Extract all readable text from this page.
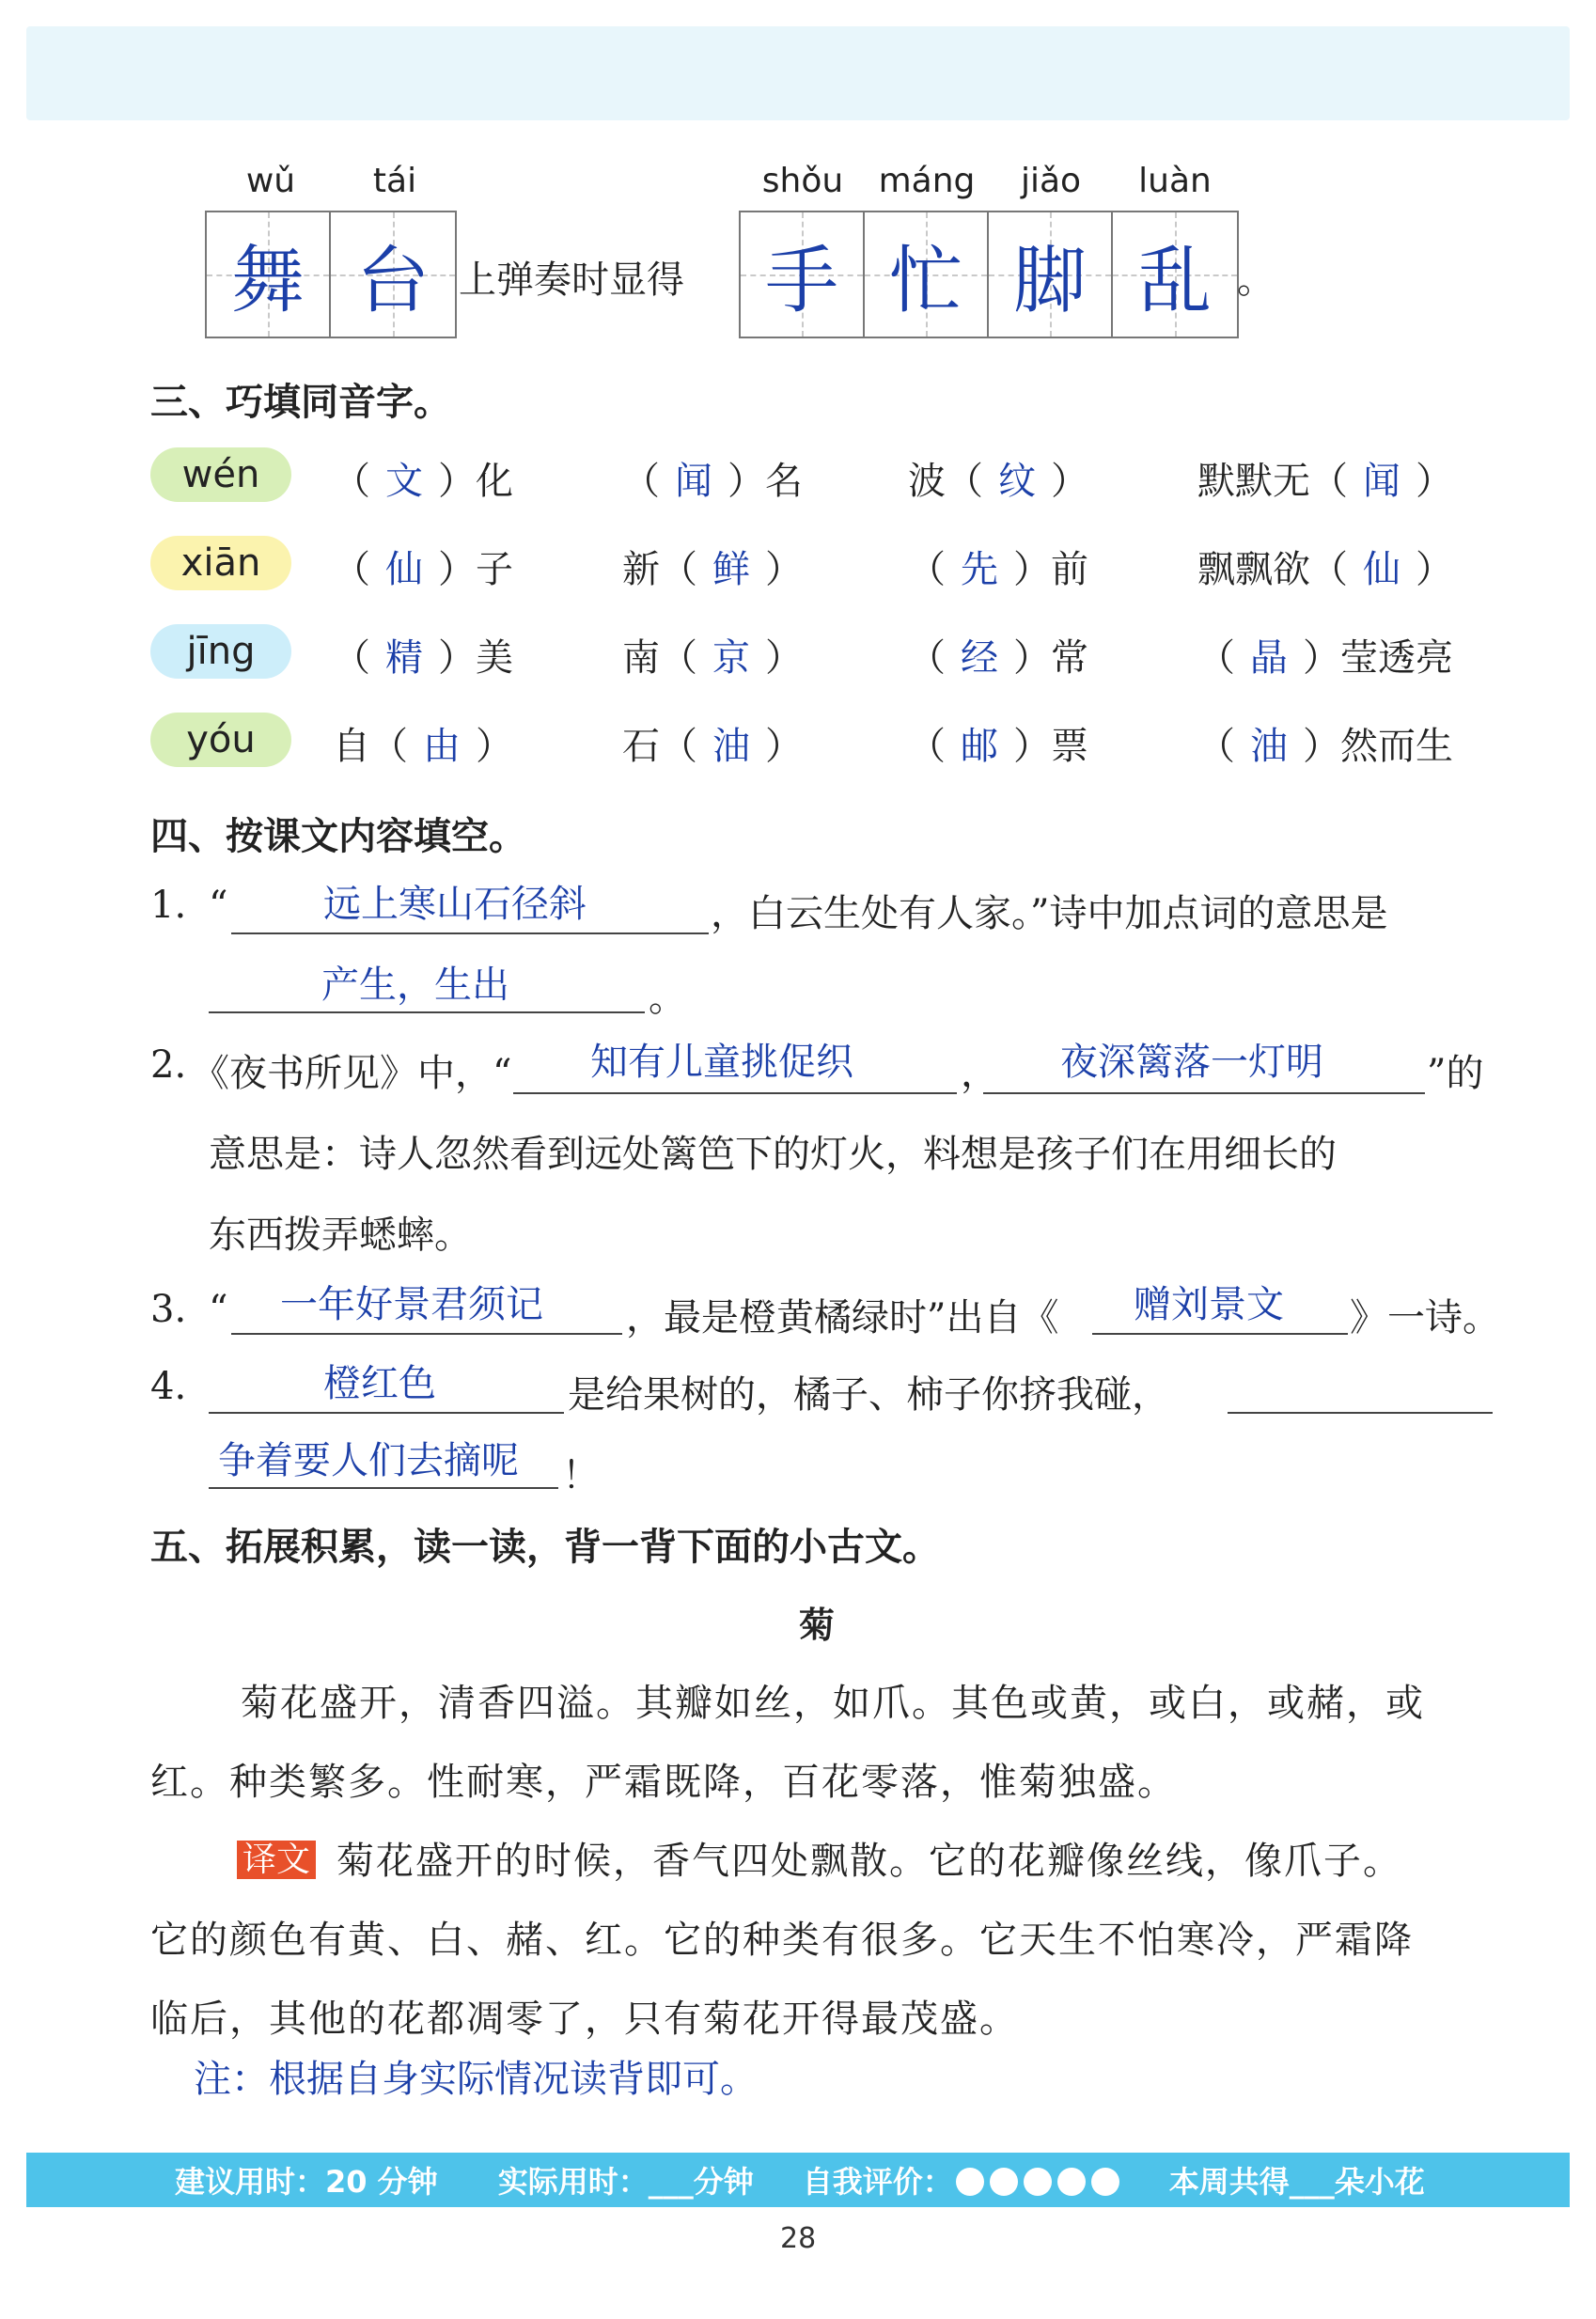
wǔ	tái	shǒu	máng	jiǎo	luàn
舞 台 上弹奏时显得 手 忙 脚 乱 。
三、巧填同音字。
wén	（ 文 ）化	（ 闻 ）名	波（ 纹 ）	默默无（ 闻 ）
xiān	（ 仙 ）子	新（ 鲜 ）	（ 先 ）前	飘飘欲（ 仙 ）
jīng	（ 精 ）美	南（ 京 ）	（ 经 ）常	（ 晶 ）莹透亮
yóu	自（ 由 ）	石（ 油 ）	（ 邮 ）票	（ 油 ）然而生
四、按课文内容填空。
1. “	远上寒山石径斜	，白云生处有人家。”诗中加点词的意思是
产生，生出	。
2. 《夜书所见》中，“ 知有儿童挑促织	， 夜深篱落一灯明	”的
意思是：诗人忽然看到远处篱笆下的灯火，料想是孩子们在用细长的
东西拨弄蟋蟀。
3. “ 一年好景君须记 ，最是橙黄橘绿时”出自《 赠刘景文 》一诗。
4.	橙红色	是给果树的，橘子、柿子你挤我碰，
争着要人们去摘呢 ！
五、拓展积累，读一读，背一背下面的小古文。
菊
菊花盛开，清香四溢。其瓣如丝，如爪。其色或黄，或白，或赭，或
红。种类繁多。性耐寒，严霜既降，百花零落，惟菊独盛。
译文 菊花盛开的时候，香气四处飘散。它的花瓣像丝线，像爪子。
它的颜色有黄、白、赭、红。它的种类有很多。它天生不怕寒冷，严霜降
临后，其他的花都凋零了，只有菊花开得最茂盛。
注：根据自身实际情况读背即可。
建议用时：20 分钟 实际用时：___分钟 自我评价：	本周共得___朵小花
28
